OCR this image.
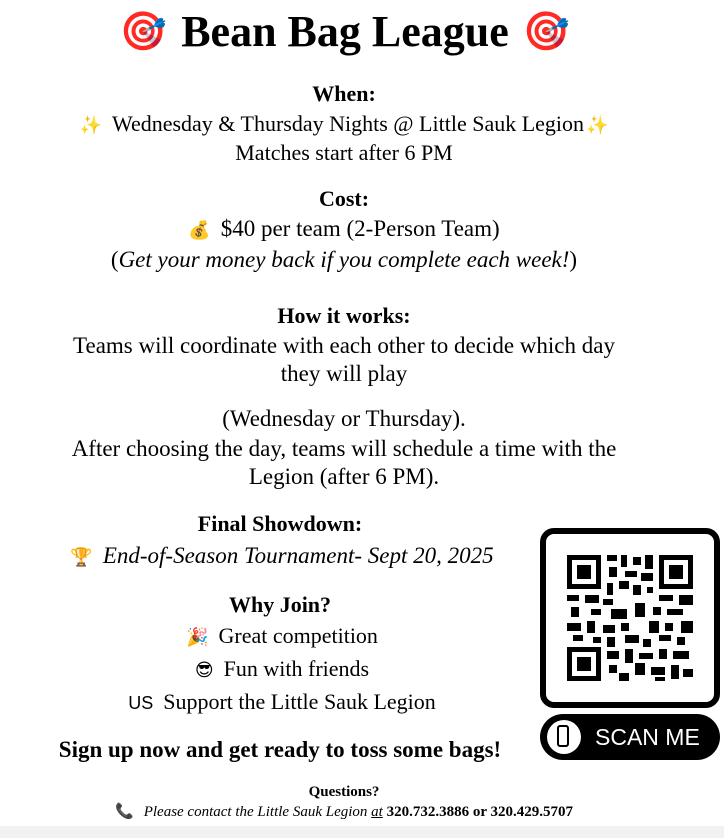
🎯 Bean Bag League 🎯
When:
✨ Wednesday & Thursday Nights @ Little Sauk Legion ✨
Matches start after 6 PM
Cost:
💰 $40 per team (2-Person Team)
(Get your money back if you complete each week!)
How it works:
Teams will coordinate with each other to decide which day
they will play
(Wednesday or Thursday).
After choosing the day, teams will schedule a time with the
Legion (after 6 PM).
Final Showdown:
🏆 End-of-Season Tournament- Sept 20, 2025
Why Join?
🎉 Great competition
😎 Fun with friends
US Support the Little Sauk Legion
Sign up now and get ready to toss some bags!
Questions?
📞 Please contact the Little Sauk Legion at 320.732.3886 or 320.429.5707
SCAN ME
